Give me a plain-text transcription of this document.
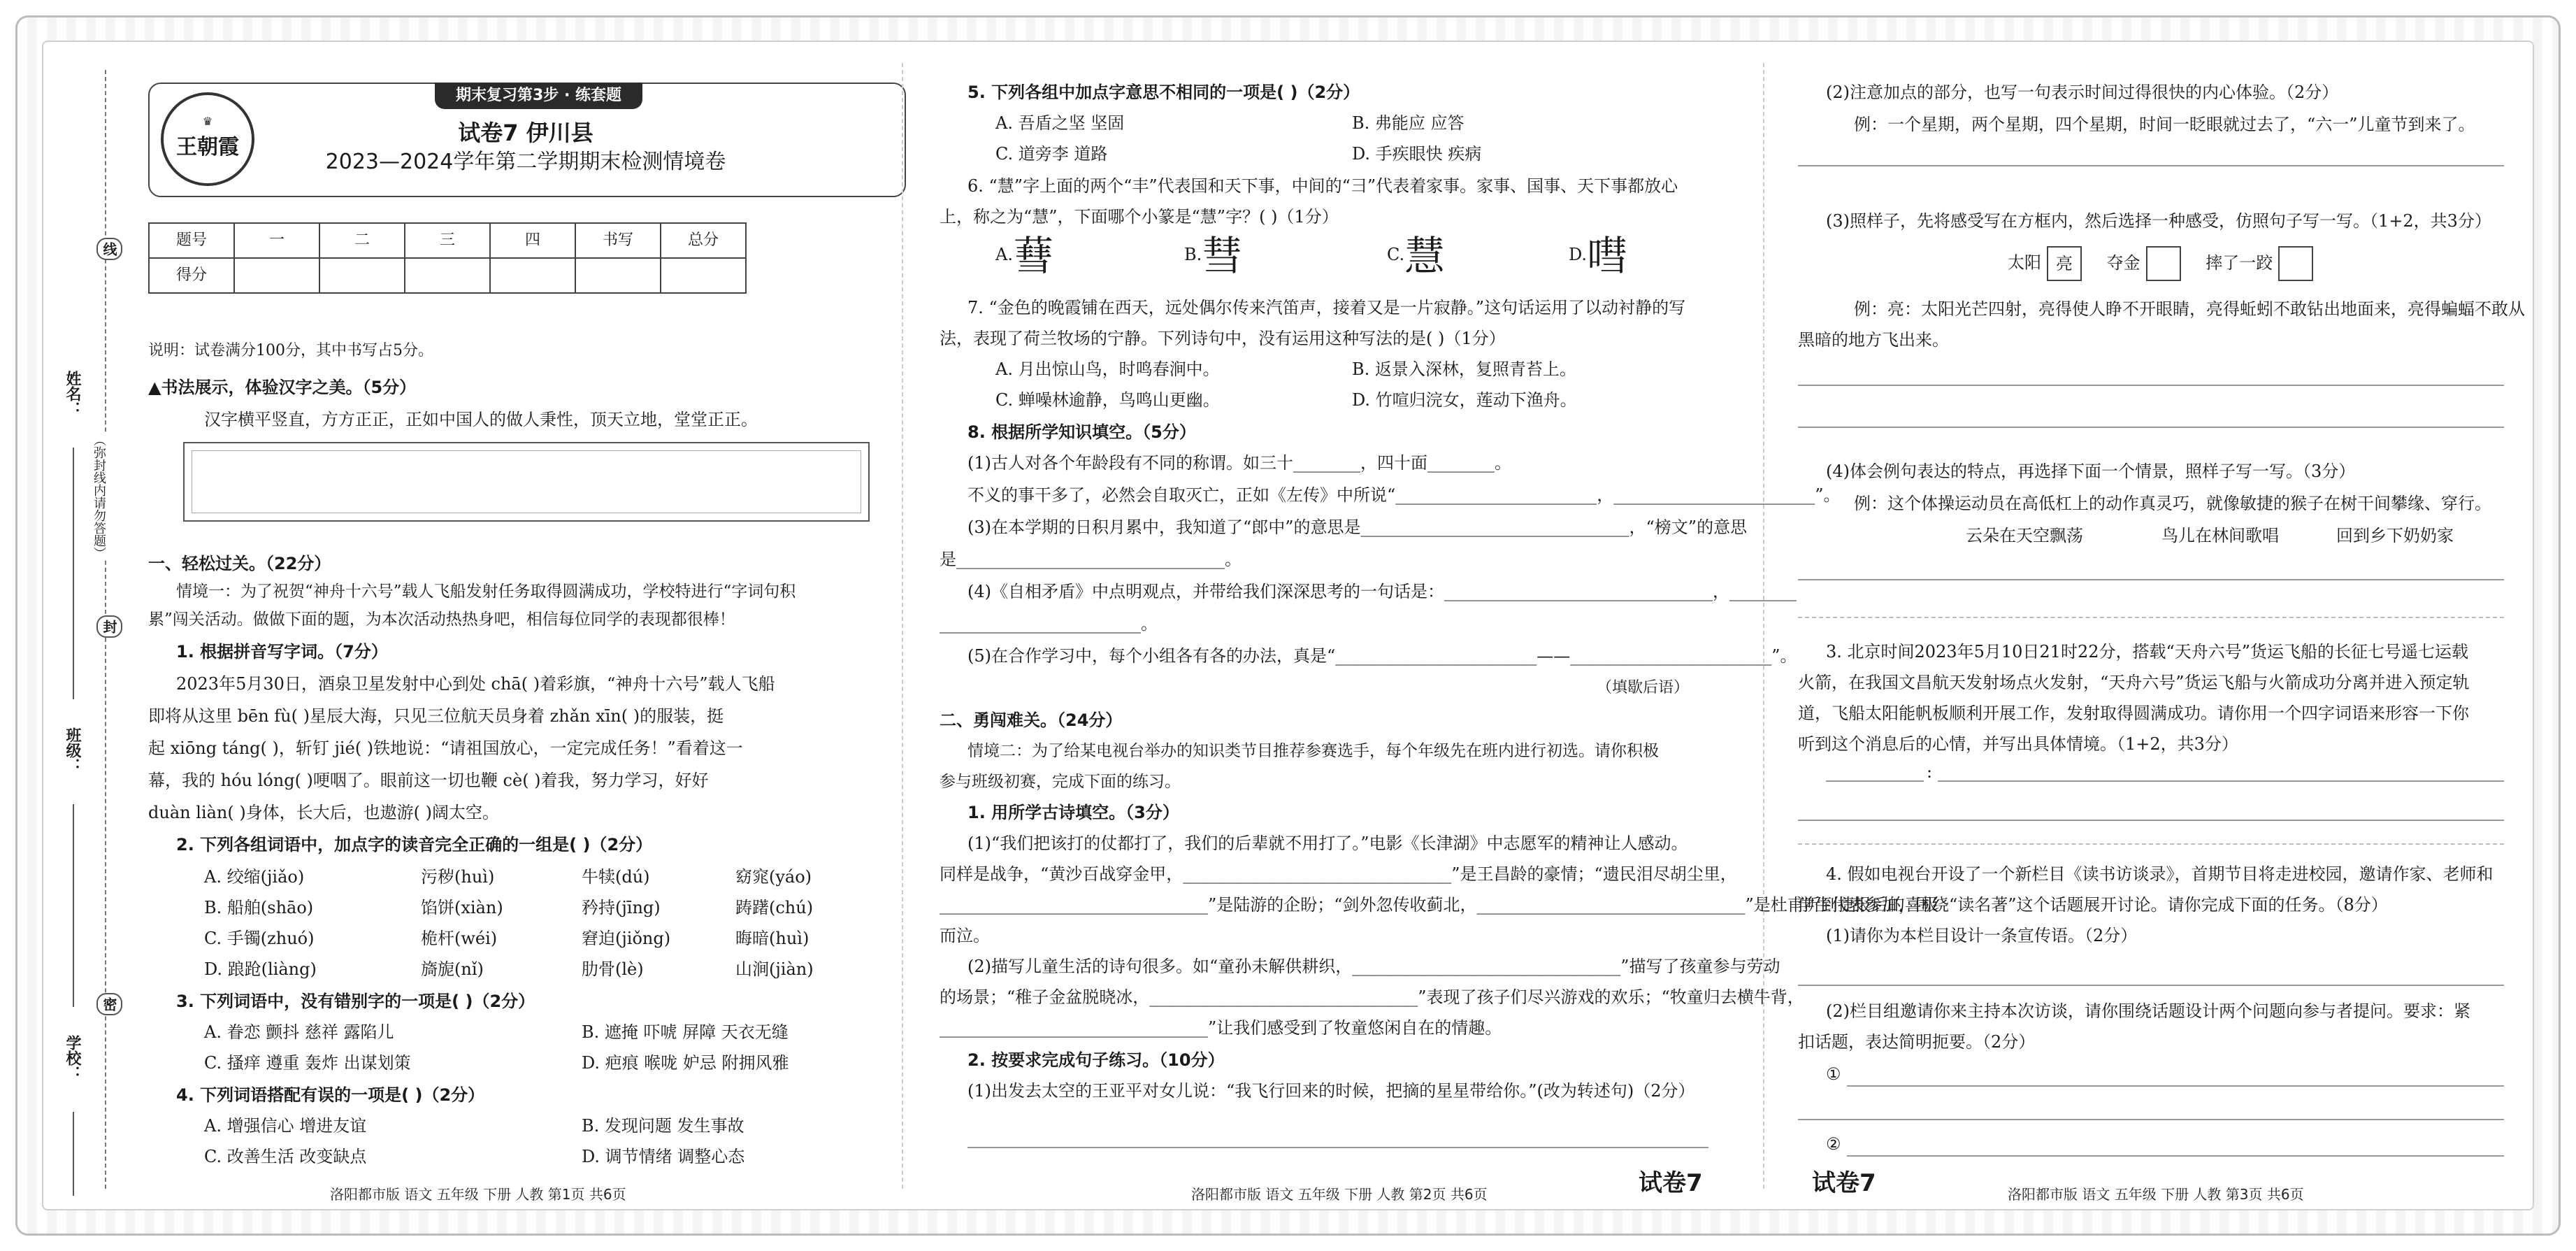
姓名：
班级：
学校：
线
封
密
（弥封线内请勿答题）
期末复习第3步 · 练套题
♛
王朝霞
试卷7 伊川县
2023—2024学年第二学期期末检测情境卷
题号	一	二	三	四	书写	总分
得分						
说明：试卷满分100分，其中书写占5分。
▲书法展示，体验汉字之美。（5分）
汉字横平竖直，方方正正，正如中国人的做人秉性，顶天立地，堂堂正正。
一、轻松过关。（22分）
情境一：为了祝贺“神舟十六号”载人飞船发射任务取得圆满成功，学校特进行“字词句积
累”闯关活动。做做下面的题，为本次活动热热身吧，相信每位同学的表现都很棒！
1. 根据拼音写字词。（7分）
2023年5月30日，酒泉卫星发射中心到处 chā( )着彩旗，“神舟十六号”载人飞船
即将从这里 bēn fù( )星辰大海，只见三位航天员身着 zhǎn xīn( )的服装，挺
起 xiōng táng( )，斩钉 jié( )铁地说：“请祖国放心，一定完成任务！”看着这一
幕，我的 hóu lóng( )哽咽了。眼前这一切也鞭 cè( )着我，努力学习，好好
duàn liàn( )身体，长大后，也遨游( )阔太空。
2. 下列各组词语中，加点字的读音完全正确的一组是( )（2分）
A. 绞缩(jiǎo)	污秽(huì)	牛犊(dú)	窈窕(yáo)
B. 船舶(shāo)	馅饼(xiàn)	矜持(jīng)	踌躇(chú)
C. 手镯(zhuó)	桅杆(wéi)	窘迫(jiǒng)	晦暗(huì)
D. 踉跄(liàng)	旖旎(nǐ)	肋骨(lè)	山涧(jiàn)
3. 下列词语中，没有错别字的一项是( )（2分）
A. 眷恋 颤抖 慈祥 露陷儿	B. 遮掩 吓唬 屏障 天衣无缝
C. 搔痒 遵重 轰炸 出谋划策	D. 疤痕 喉咙 妒忌 附拥风雅
4. 下列词语搭配有误的一项是( )（2分）
A. 增强信心 增进友谊	B. 发现问题 发生事故
C. 改善生活 改变缺点	D. 调节情绪 调整心态
洛阳都市版 语文 五年级 下册 人教 第1页 共6页
5. 下列各组中加点字意思不相同的一项是( )（2分）
A. 吾盾之坚 坚固	B. 弗能应 应答
C. 道旁李 道路	D. 手疾眼快 疾病
6. “慧”字上面的两个“丰”代表国和天下事，中间的“彐”代表着家事。家事、国事、天下事都放心
上，称之为“慧”，下面哪个小篆是“慧”字？( )（1分）
A.蔧	B.彗	C.慧	D.嘒
7. “金色的晚霞铺在西天，远处偶尔传来汽笛声，接着又是一片寂静。”这句话运用了以动衬静的写
法，表现了荷兰牧场的宁静。下列诗句中，没有运用这种写法的是( )（1分）
A. 月出惊山鸟，时鸣春涧中。	B. 返景入深林，复照青苔上。
C. 蝉噪林逾静，鸟鸣山更幽。	D. 竹喧归浣女，莲动下渔舟。
8. 根据所学知识填空。（5分）
(1)古人对各个年龄段有不同的称谓。如三十________，四十面________。
不义的事干多了，必然会自取灭亡，正如《左传》中所说“________________________，________________________”。
(3)在本学期的日积月累中，我知道了“郎中”的意思是________________________________，“榜文”的意思
是________________________________。
(4)《自相矛盾》中点明观点，并带给我们深深思考的一句话是：________________________________，________
________________________。
(5)在合作学习中，每个小组各有各的办法，真是“________________________——________________________”。
（填歇后语）
二、勇闯难关。（24分）
情境二：为了给某电视台举办的知识类节目推荐参赛选手，每个年级先在班内进行初选。请你积极
参与班级初赛，完成下面的练习。
1. 用所学古诗填空。（3分）
(1)“我们把该打的仗都打了，我们的后辈就不用打了。”电影《长津湖》中志愿军的精神让人感动。
同样是战争，“黄沙百战穿金甲，________________________________”是王昌龄的豪情；“遗民泪尽胡尘里，
________________________________”是陆游的企盼；“剑外忽传收蓟北，________________________________”是杜甫听到捷报后的喜极
而泣。
(2)描写儿童生活的诗句很多。如“童孙未解供耕织，________________________________”描写了孩童参与劳动
的场景；“稚子金盆脱晓冰，________________________________”表现了孩子们尽兴游戏的欢乐；“牧童归去横牛背，
________________________________”让我们感受到了牧童悠闲自在的情趣。
2. 按要求完成句子练习。（10分）
(1)出发去太空的王亚平对女儿说：“我飞行回来的时候，把摘的星星带给你。”(改为转述句)（2分）
洛阳都市版 语文 五年级 下册 人教 第2页 共6页	试卷7
(2)注意加点的部分，也写一句表示时间过得很快的内心体验。（2分）
例：一个星期，两个星期，四个星期，时间一眨眼就过去了，“六一”儿童节到来了。
(3)照样子，先将感受写在方框内，然后选择一种感受，仿照句子写一写。（1+2，共3分）
太阳 亮 夺金	摔了一跤
例：亮：太阳光芒四射，亮得使人睁不开眼睛，亮得蚯蚓不敢钻出地面来，亮得蝙蝠不敢从
黑暗的地方飞出来。
(4)体会例句表达的特点，再选择下面一个情景，照样子写一写。（3分）
例：这个体操运动员在高低杠上的动作真灵巧，就像敏捷的猴子在树干间攀缘、穿行。
云朵在天空飘荡	鸟儿在林间歌唱	回到乡下奶奶家
3. 北京时间2023年5月10日21时22分，搭载“天舟六号”货运飞船的长征七号遥七运载
火箭，在我国文昌航天发射场点火发射，“天舟六号”货运飞船与火箭成功分离并进入预定轨
道，飞船太阳能帆板顺利开展工作，发射取得圆满成功。请你用一个四字词语来形容一下你
听到这个消息后的心情，并写出具体情境。（1+2，共3分）
:
4. 假如电视台开设了一个新栏目《读书访谈录》，首期节目将走进校园，邀请作家、老师和
学生代表参加，围绕“读名著”这个话题展开讨论。请你完成下面的任务。（8分）
(1)请你为本栏目设计一条宣传语。（2分）
(2)栏目组邀请你来主持本次访谈，请你围绕话题设计两个问题向参与者提问。要求：紧
扣话题，表达简明扼要。（2分）
①
②
试卷7	洛阳都市版 语文 五年级 下册 人教 第3页 共6页
